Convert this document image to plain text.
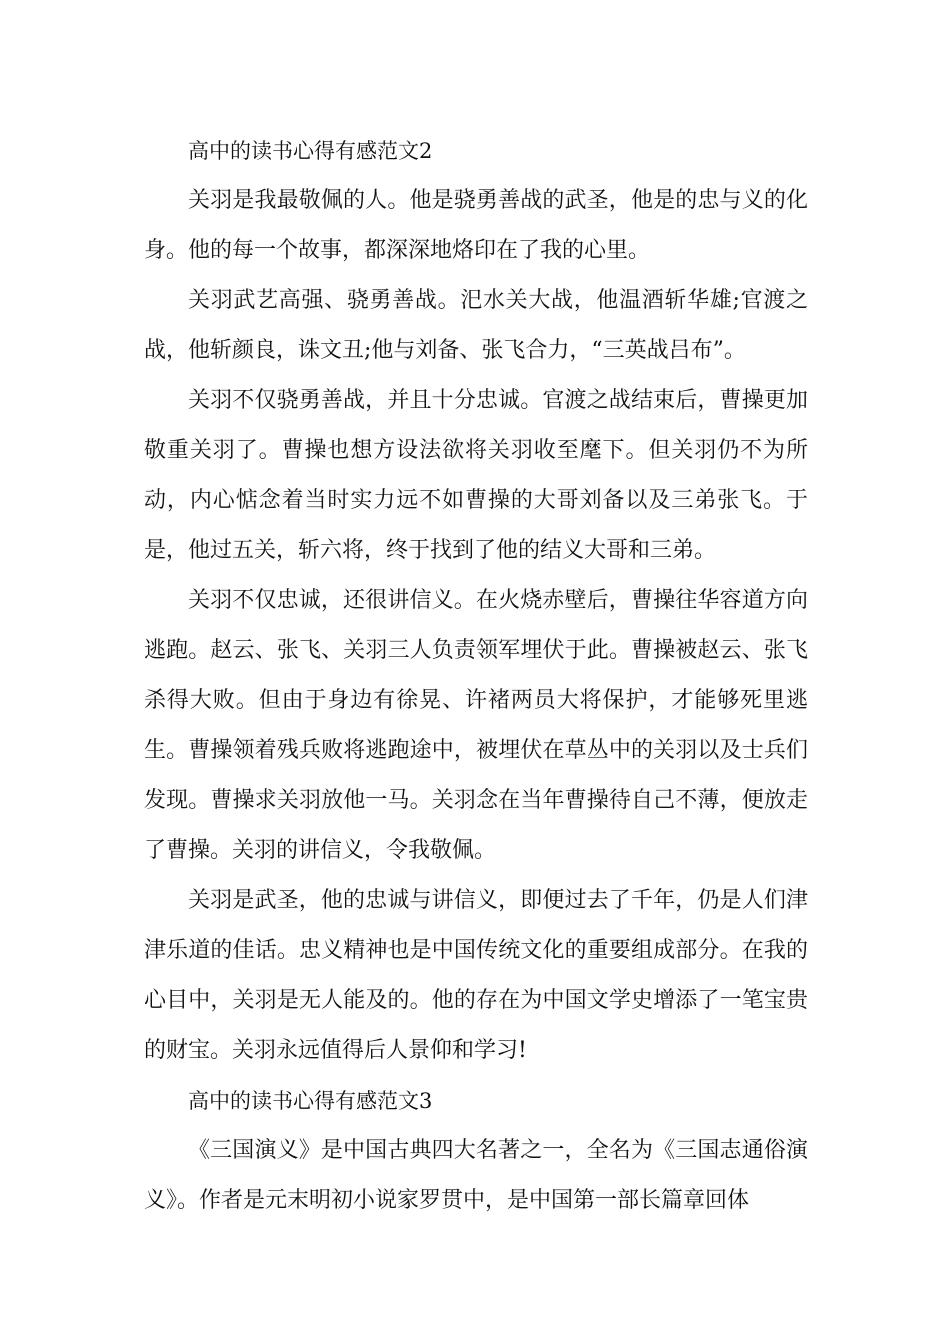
高中的读书心得有感范文2

关羽是我最敬佩的人。他是骁勇善战的武圣，他是的忠与义的化身。他的每一个故事，都深深地烙印在了我的心里。

关羽武艺高强、骁勇善战。汜水关大战，他温酒斩华雄;官渡之战，他斩颜良，诛文丑;他与刘备、张飞合力，“三英战吕布”。

关羽不仅骁勇善战，并且十分忠诚。官渡之战结束后，曹操更加敬重关羽了。曹操也想方设法欲将关羽收至麾下。但关羽仍不为所动，内心惦念着当时实力远不如曹操的大哥刘备以及三弟张飞。于是，他过五关，斩六将，终于找到了他的结义大哥和三弟。

关羽不仅忠诚，还很讲信义。在火烧赤壁后，曹操往华容道方向逃跑。赵云、张飞、关羽三人负责领军埋伏于此。曹操被赵云、张飞杀得大败。但由于身边有徐晃、许褚两员大将保护，才能够死里逃生。曹操领着残兵败将逃跑途中，被埋伏在草丛中的关羽以及士兵们发现。曹操求关羽放他一马。关羽念在当年曹操待自己不薄，便放走了曹操。关羽的讲信义，令我敬佩。

关羽是武圣，他的忠诚与讲信义，即便过去了千年，仍是人们津津乐道的佳话。忠义精神也是中国传统文化的重要组成部分。在我的心目中，关羽是无人能及的。他的存在为中国文学史增添了一笔宝贵的财宝。关羽永远值得后人景仰和学习!

高中的读书心得有感范文3

《三国演义》是中国古典四大名著之一，全名为《三国志通俗演义》。作者是元末明初小说家罗贯中，是中国第一部长篇章回体
